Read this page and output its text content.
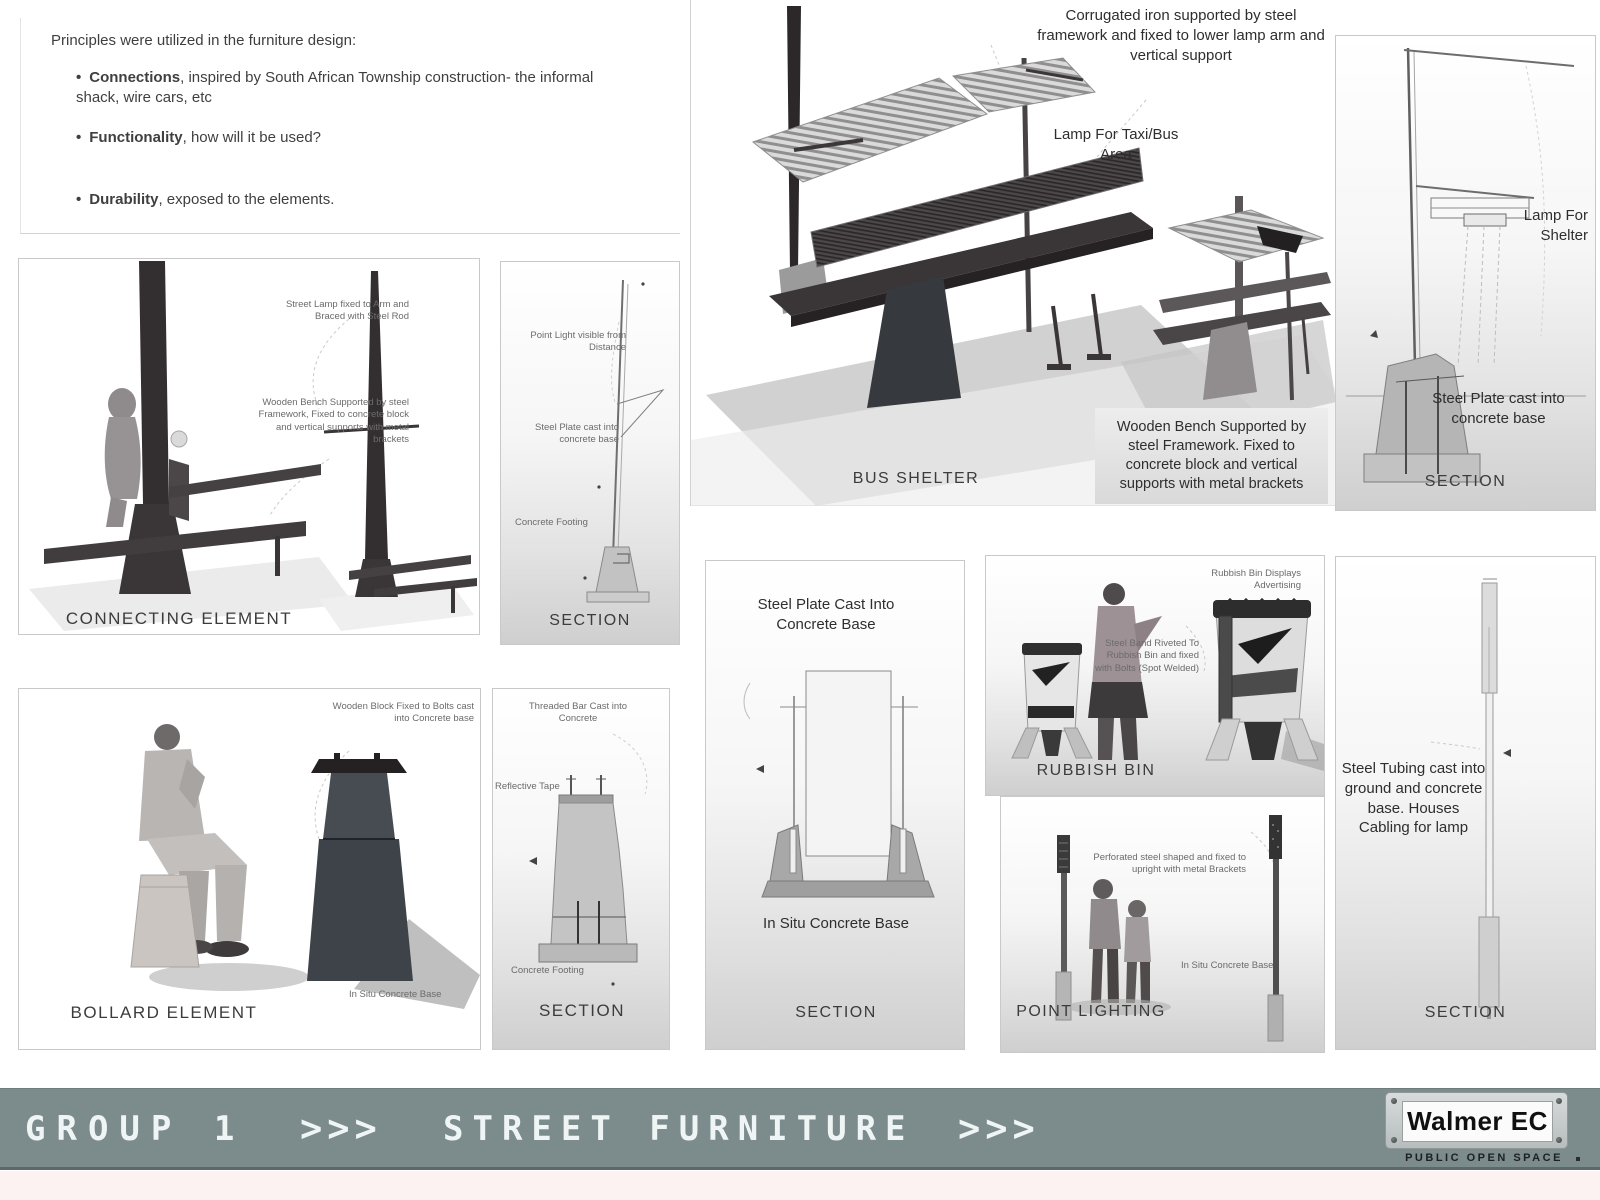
Principles were utilized in the furniture design:
• Connections, inspired by South African Township construction- the informal shack, wire cars, etc
• Functionality, how will it be used?
• Durability, exposed to the elements.
Street Lamp fixed to Arm and Braced with Steel Rod
Wooden Bench Supported by steel Framework, Fixed to concrete block and vertical supports with metal brackets
CONNECTING ELEMENT
Point Light visible from Distance
Steel Plate cast into concrete base
Concrete Footing
SECTION
Corrugated iron supported by steel framework and fixed to lower lamp arm and vertical support
Lamp For Taxi/Bus Area
Wooden Bench Supported by steel Framework. Fixed to concrete block and vertical supports with metal brackets
BUS SHELTER
Lamp For Shelter
Steel Plate cast into concrete base
SECTION
Wooden Block Fixed to Bolts cast into Concrete base
In Situ Concrete Base
BOLLARD ELEMENT
Threaded Bar Cast into Concrete
Reflective Tape
Concrete Footing
SECTION
Steel Plate Cast Into Concrete Base
In Situ Concrete Base
SECTION
Rubbish Bin Displays Advertising
Steel Band Riveted To Rubbish Bin and fixed with Bolts (Spot Welded)
RUBBISH BIN
Perforated steel shaped and fixed to upright with metal Brackets
In Situ Concrete Base
POINT LIGHTING
Steel Tubing cast into ground and concrete base. Houses Cabling for lamp
SECTION
GROUP 1 >>> STREET FURNITURE >>>	Walmer EC
PUBLIC OPEN SPACE
